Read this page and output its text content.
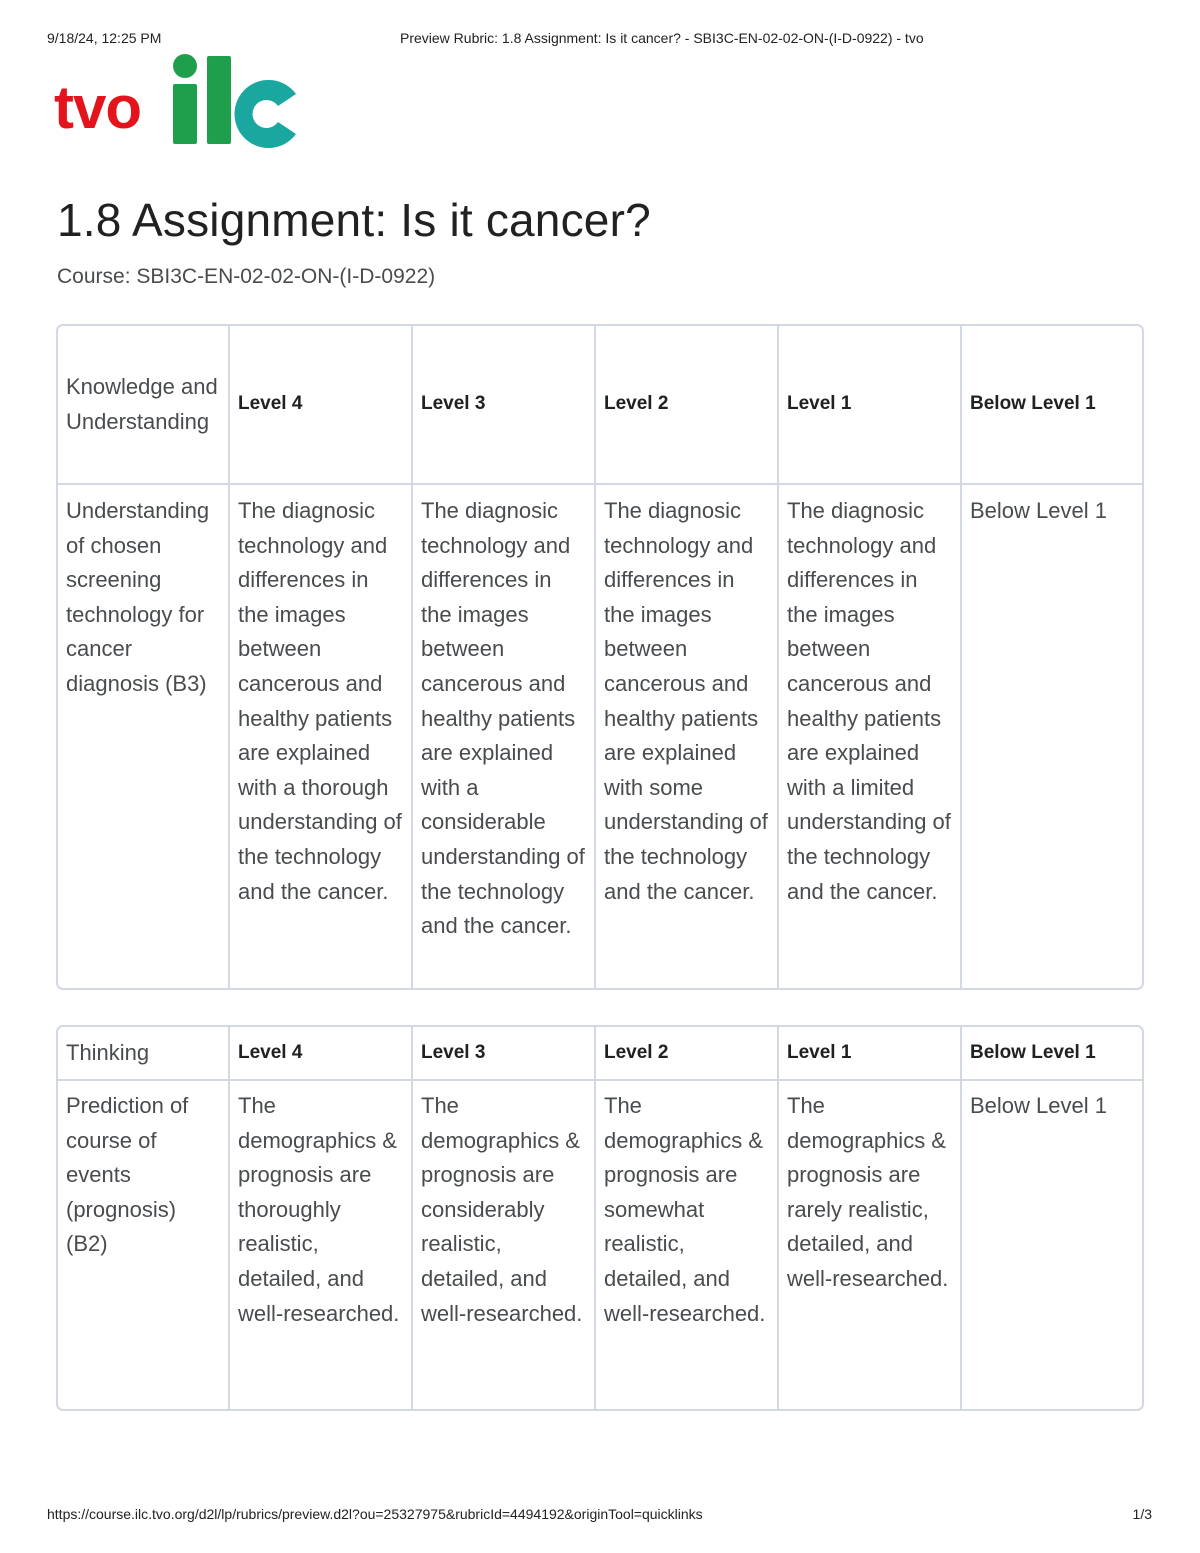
9/18/24, 12:25 PM	Preview Rubric: 1.8 Assignment: Is it cancer? - SBI3C-EN-02-02-ON-(I-D-0922) - tvo
tvo
1.8 Assignment: Is it cancer?
Course: SBI3C-EN-02-02-ON-(I-D-0922)
Knowledge and Understanding	Level 4	Level 3	Level 2	Level 1	Below Level 1
Understanding of chosen screening technology for cancer diagnosis (B3)	The diagnosic technology and differences in the images between cancerous and healthy patients are explained with a thorough understanding of the technology and the cancer.	The diagnosic technology and differences in the images between cancerous and healthy patients are explained with a considerable understanding of the technology and the cancer.	The diagnosic technology and differences in the images between cancerous and healthy patients are explained with some understanding of the technology and the cancer.	The diagnosic technology and differences in the images between cancerous and healthy patients are explained with a limited understanding of the technology and the cancer.	Below Level 1
Thinking	Level 4	Level 3	Level 2	Level 1	Below Level 1
Prediction of course of events (prognosis) (B2)	The demographics & prognosis are thoroughly realistic, detailed, and well-researched.	The demographics & prognosis are considerably realistic, detailed, and well-researched.	The demographics & prognosis are somewhat realistic, detailed, and well-researched.	The demographics & prognosis are rarely realistic, detailed, and well-researched.	Below Level 1
https://course.ilc.tvo.org/d2l/lp/rubrics/preview.d2l?ou=25327975&rubricId=4494192&originTool=quicklinks	1/3
